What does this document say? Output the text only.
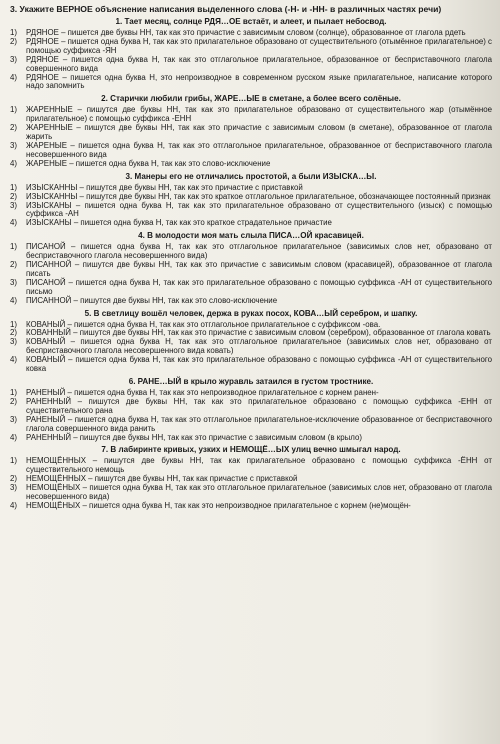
3. Укажите ВЕРНОЕ объяснение написания выделенного слова (-Н- и -НН- в различных частях речи)
1. Тает месяц, солнце РДЯ…ОЕ встаёт, и алеет, и пылает небосвод.
1)	РДЯНОЕ – пишется две буквы НН, так как это причастие с зависимым словом (солнце), образованное от глагола рдеть
2)	РДЯНОЕ – пишется одна буква Н, так как это прилагательное образовано от существительного (отымённое прилагательное) с помощью суффикса -ЯН
3)	РДЯНОЕ – пишется одна буква Н, так как это отглагольное прилагательное, образованное от бесприставочного глагола совершенного вида
4)	РДЯНОЕ – пишется одна буква Н, это непроизводное в современном русском языке прилагательное, написание которого надо запомнить
2. Старички любили грибы, ЖАРЕ…ЫЕ в сметане, а более всего солёные.
1)	ЖАРЕННЫЕ – пишутся две буквы НН, так как это прилагательное образовано от существительного жар (отымённое прилагательное) с помощью суффикса -ЕНН
2)	ЖАРЕННЫЕ – пишутся две буквы НН, так как это причастие с зависимым словом (в сметане), образованное от глагола жарить
3)	ЖАРЕНЫЕ – пишется одна буква Н, так как это отглагольное прилагательное, образованное от бесприставочного глагола несовершенного вида
4)	ЖАРЕНЫЕ – пишется одна буква Н, так как это слово-исключение
3. Манеры его не отличались простотой, а были ИЗЫСКА…Ы.
1)	ИЗЫСКАННЫ – пишутся две буквы НН, так как это причастие с приставкой
2)	ИЗЫСКАННЫ – пишутся две буквы НН, так как это краткое отглагольное прилагательное, обозначающее постоянный признак
3)	ИЗЫСКАНЫ – пишется одна буква Н, так как это прилагательное образовано от существительного (изыск) с помощью суффикса -АН
4)	ИЗЫСКАНЫ – пишется одна буква Н, так как это краткое страдательное причастие
4. В молодости моя мать слыла ПИСА…ОЙ красавицей.
1)	ПИСАНОЙ – пишется одна буква Н, так как это отглагольное прилагательное (зависимых слов нет, образовано от бесприставочного глагола несовершенного вида)
2)	ПИСАННОЙ – пишутся две буквы НН, так как это причастие с зависимым словом (красавицей), образованное от глагола писать
3)	ПИСАНОЙ – пишется одна буква Н, так как это прилагательное образовано с помощью суффикса -АН от существительного письмо
4)	ПИСАННОЙ – пишутся две буквы НН, так как это слово-исключение
5. В светлицу вошёл человек, держа в руках посох, КОВА…ЫЙ серебром, и шапку.
1)	КОВАНЫЙ – пишется одна буква Н, так как это отглагольное прилагательное с суффиксом -ова.
2)	КОВАННЫЙ – пишутся две буквы НН, так как это причастие с зависимым словом (серебром), образованное от глагола ковать
3)	КОВАНЫЙ – пишется одна буква Н, так как это отглагольное прилагательное (зависимых слов нет, образовано от бесприставочного глагола несовершенного вида ковать)
4)	КОВАНЫЙ – пишется одна буква Н, так как это прилагательное образовано с помощью суффикса -АН от существительного ковка
6. РАНЕ…ЫЙ в крыло журавль затаился в густом тростнике.
1)	РАНЕНЫЙ – пишется одна буква Н, так как это непроизводное прилагательное с корнем ранен-
2)	РАНЕННЫЙ – пишутся две буквы НН, так как это прилагательное образовано с помощью суффикса -ЕНН от существительного рана
3)	РАНЕНЫЙ – пишется одна буква Н, так как это отглагольное прилагательное-исключение образованное от бесприставочного глагола совершенного вида ранить
4)	РАНЕННЫЙ – пишутся две буквы НН, так как это причастие с зависимым словом (в крыло)
7. В лабиринте кривых, узких и НЕМОЩЁ…ЫХ улиц вечно шмыгал народ.
1)	НЕМОЩЁННЫХ – пишутся две буквы НН, так как прилагательное образовано с помощью суффикса -ЁНН от существительного немощь
2)	НЕМОЩЁННЫХ – пишутся две буквы НН, так как причастие с приставкой
3)	НЕМОЩЁНЫХ – пишется одна буква Н, так как это отглагольное прилагательное (зависимых слов нет, образовано от глагола несовершенного вида)
4)	НЕМОЩЁНЫХ – пишется одна буква Н, так как это непроизводное прилагательное с корнем (не)мощён-
